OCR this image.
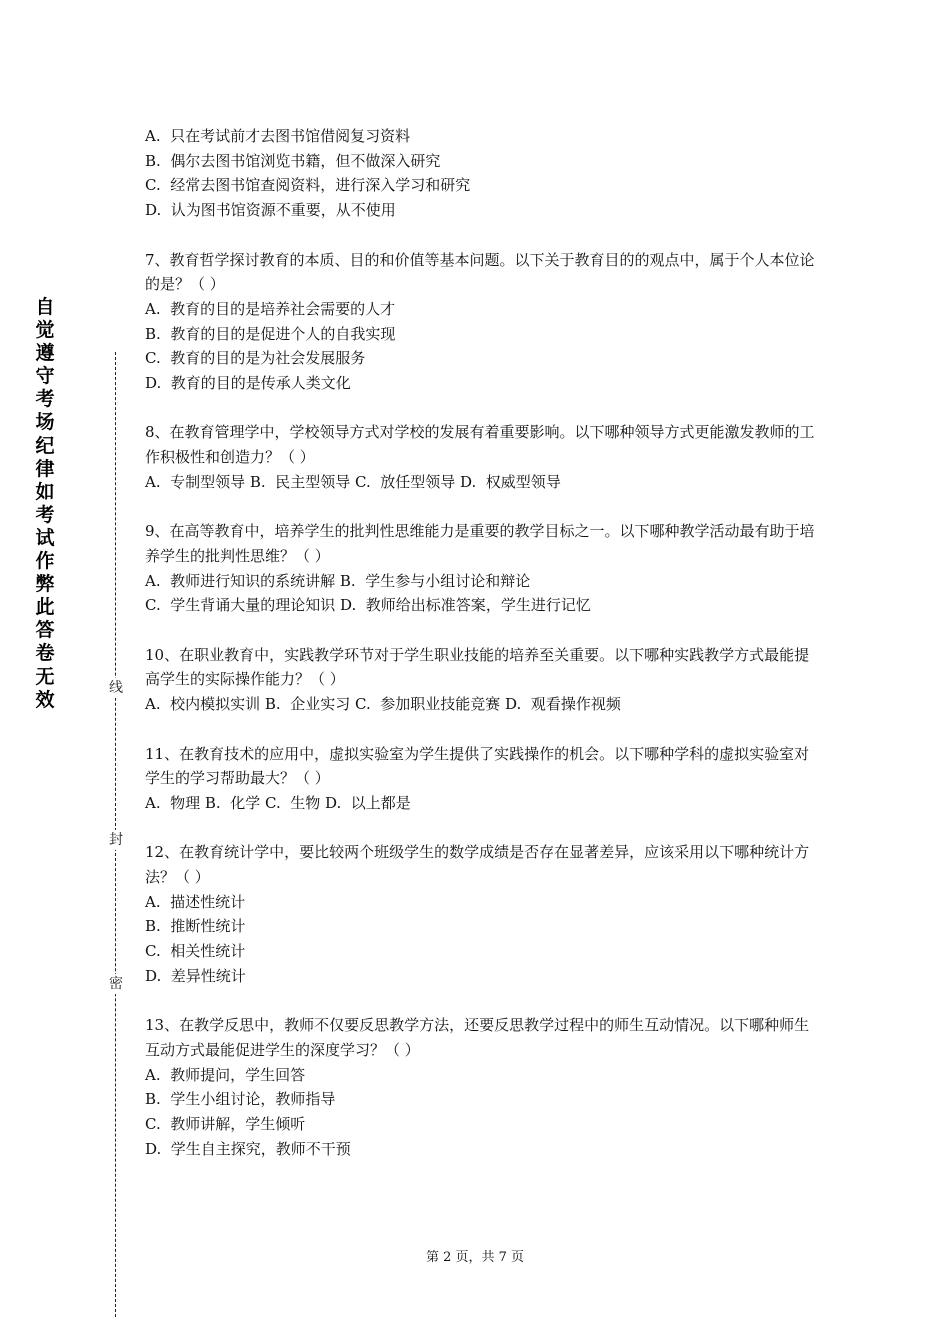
自
觉
遵
守
考
场
纪
律
如
考
试
作
弊
此
答
卷
无
效
线
封
密
A.  只在考试前才去图书馆借阅复习资料
B.  偶尔去图书馆浏览书籍，但不做深入研究
C.  经常去图书馆查阅资料，进行深入学习和研究
D.  认为图书馆资源不重要，从不使用

7、教育哲学探讨教育的本质、目的和价值等基本问题。以下关于教育目的的观点中，属于个人本位论的是？（ ）

A.  教育的目的是培养社会需要的人才
B.  教育的目的是促进个人的自我实现
C.  教育的目的是为社会发展服务
D.  教育的目的是传承人类文化

8、在教育管理学中，学校领导方式对学校的发展有着重要影响。以下哪种领导方式更能激发教师的工作积极性和创造力？（ ）

A.  专制型领导 B.  民主型领导 C.  放任型领导 D.  权威型领导

9、在高等教育中，培养学生的批判性思维能力是重要的教学目标之一。以下哪种教学活动最有助于培养学生的批判性思维？（ ）

A.  教师进行知识的系统讲解 B.  学生参与小组讨论和辩论
C.  学生背诵大量的理论知识 D.  教师给出标准答案，学生进行记忆

10、在职业教育中，实践教学环节对于学生职业技能的培养至关重要。以下哪种实践教学方式最能提高学生的实际操作能力？（ ）

A.  校内模拟实训 B.  企业实习 C.  参加职业技能竞赛 D.  观看操作视频

11、在教育技术的应用中，虚拟实验室为学生提供了实践操作的机会。以下哪种学科的虚拟实验室对学生的学习帮助最大？（ ）

A.  物理 B.  化学 C.  生物 D.  以上都是

12、在教育统计学中，要比较两个班级学生的数学成绩是否存在显著差异，应该采用以下哪种统计方法？（ ）

A.  描述性统计
B.  推断性统计
C.  相关性统计
D.  差异性统计

13、在教学反思中，教师不仅要反思教学方法，还要反思教学过程中的师生互动情况。以下哪种师生互动方式最能促进学生的深度学习？（ ）

A.  教师提问，学生回答
B.  学生小组讨论，教师指导
C.  教师讲解，学生倾听
D.  学生自主探究，教师不干预
第 2 页，共 7 页
